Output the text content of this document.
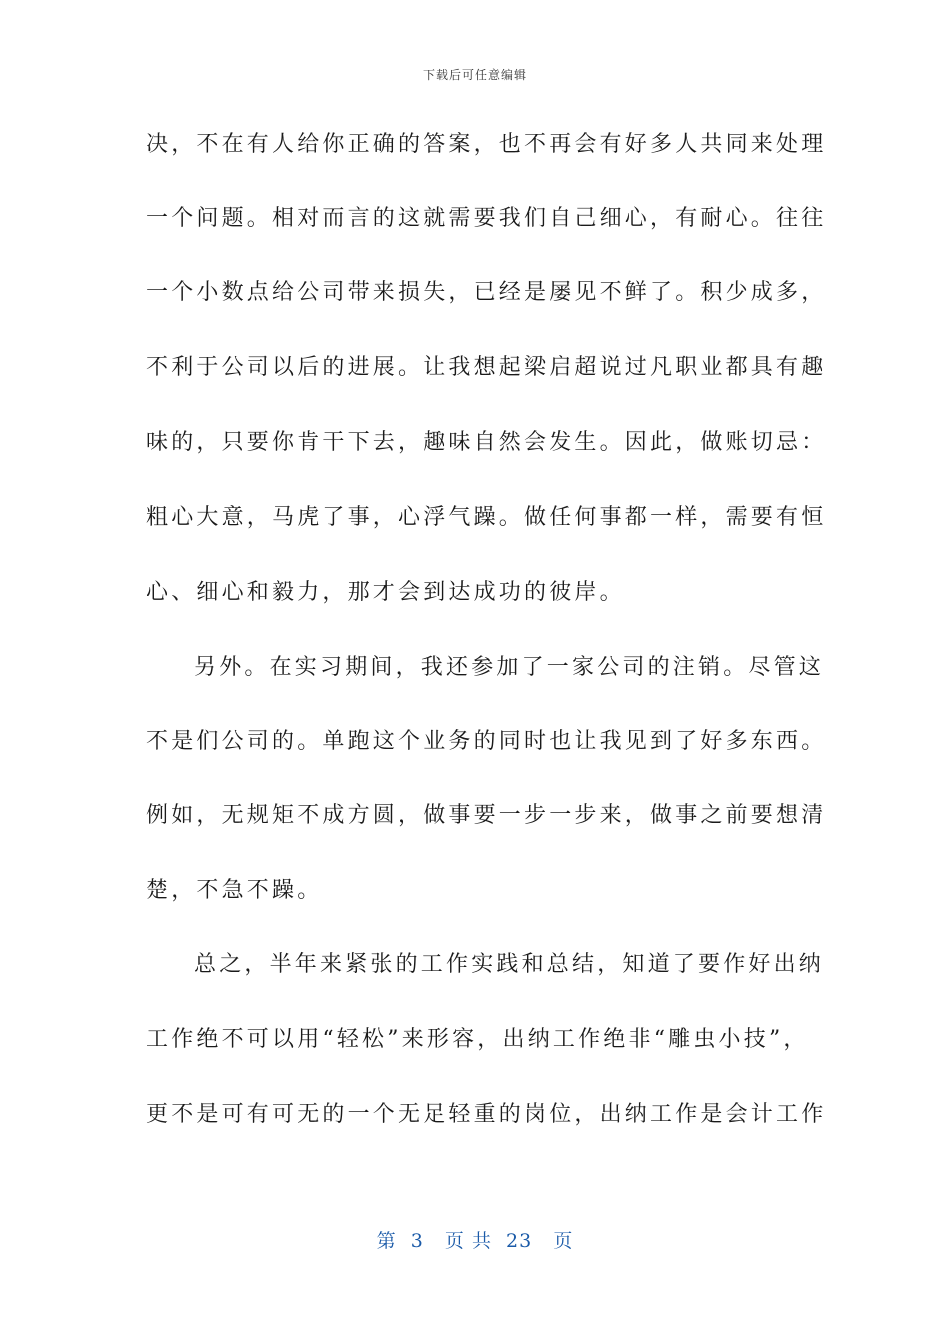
下载后可任意编辑
决，不在有人给你正确的答案，也不再会有好多人共同来处理
一个问题。相对而言的这就需要我们自己细心，有耐心。往往
一个小数点给公司带来损失，已经是屡见不鲜了。积少成多，
不利于公司以后的进展。让我想起梁启超说过凡职业都具有趣
味的，只要你肯干下去，趣味自然会发生。因此，做账切忌：
粗心大意，马虎了事，心浮气躁。做任何事都一样，需要有恒
心、细心和毅力，那才会到达成功的彼岸。
另外。在实习期间，我还参加了一家公司的注销。尽管这
不是们公司的。单跑这个业务的同时也让我见到了好多东西。
例如，无规矩不成方圆，做事要一步一步来，做事之前要想清
楚，不急不躁。
总之，半年来紧张的工作实践和总结，知道了要作好出纳
工作绝不可以用“轻松”来形容，出纳工作绝非“雕虫小技”，
更不是可有可无的一个无足轻重的岗位，出纳工作是会计工作
第  3   页 共  23   页
